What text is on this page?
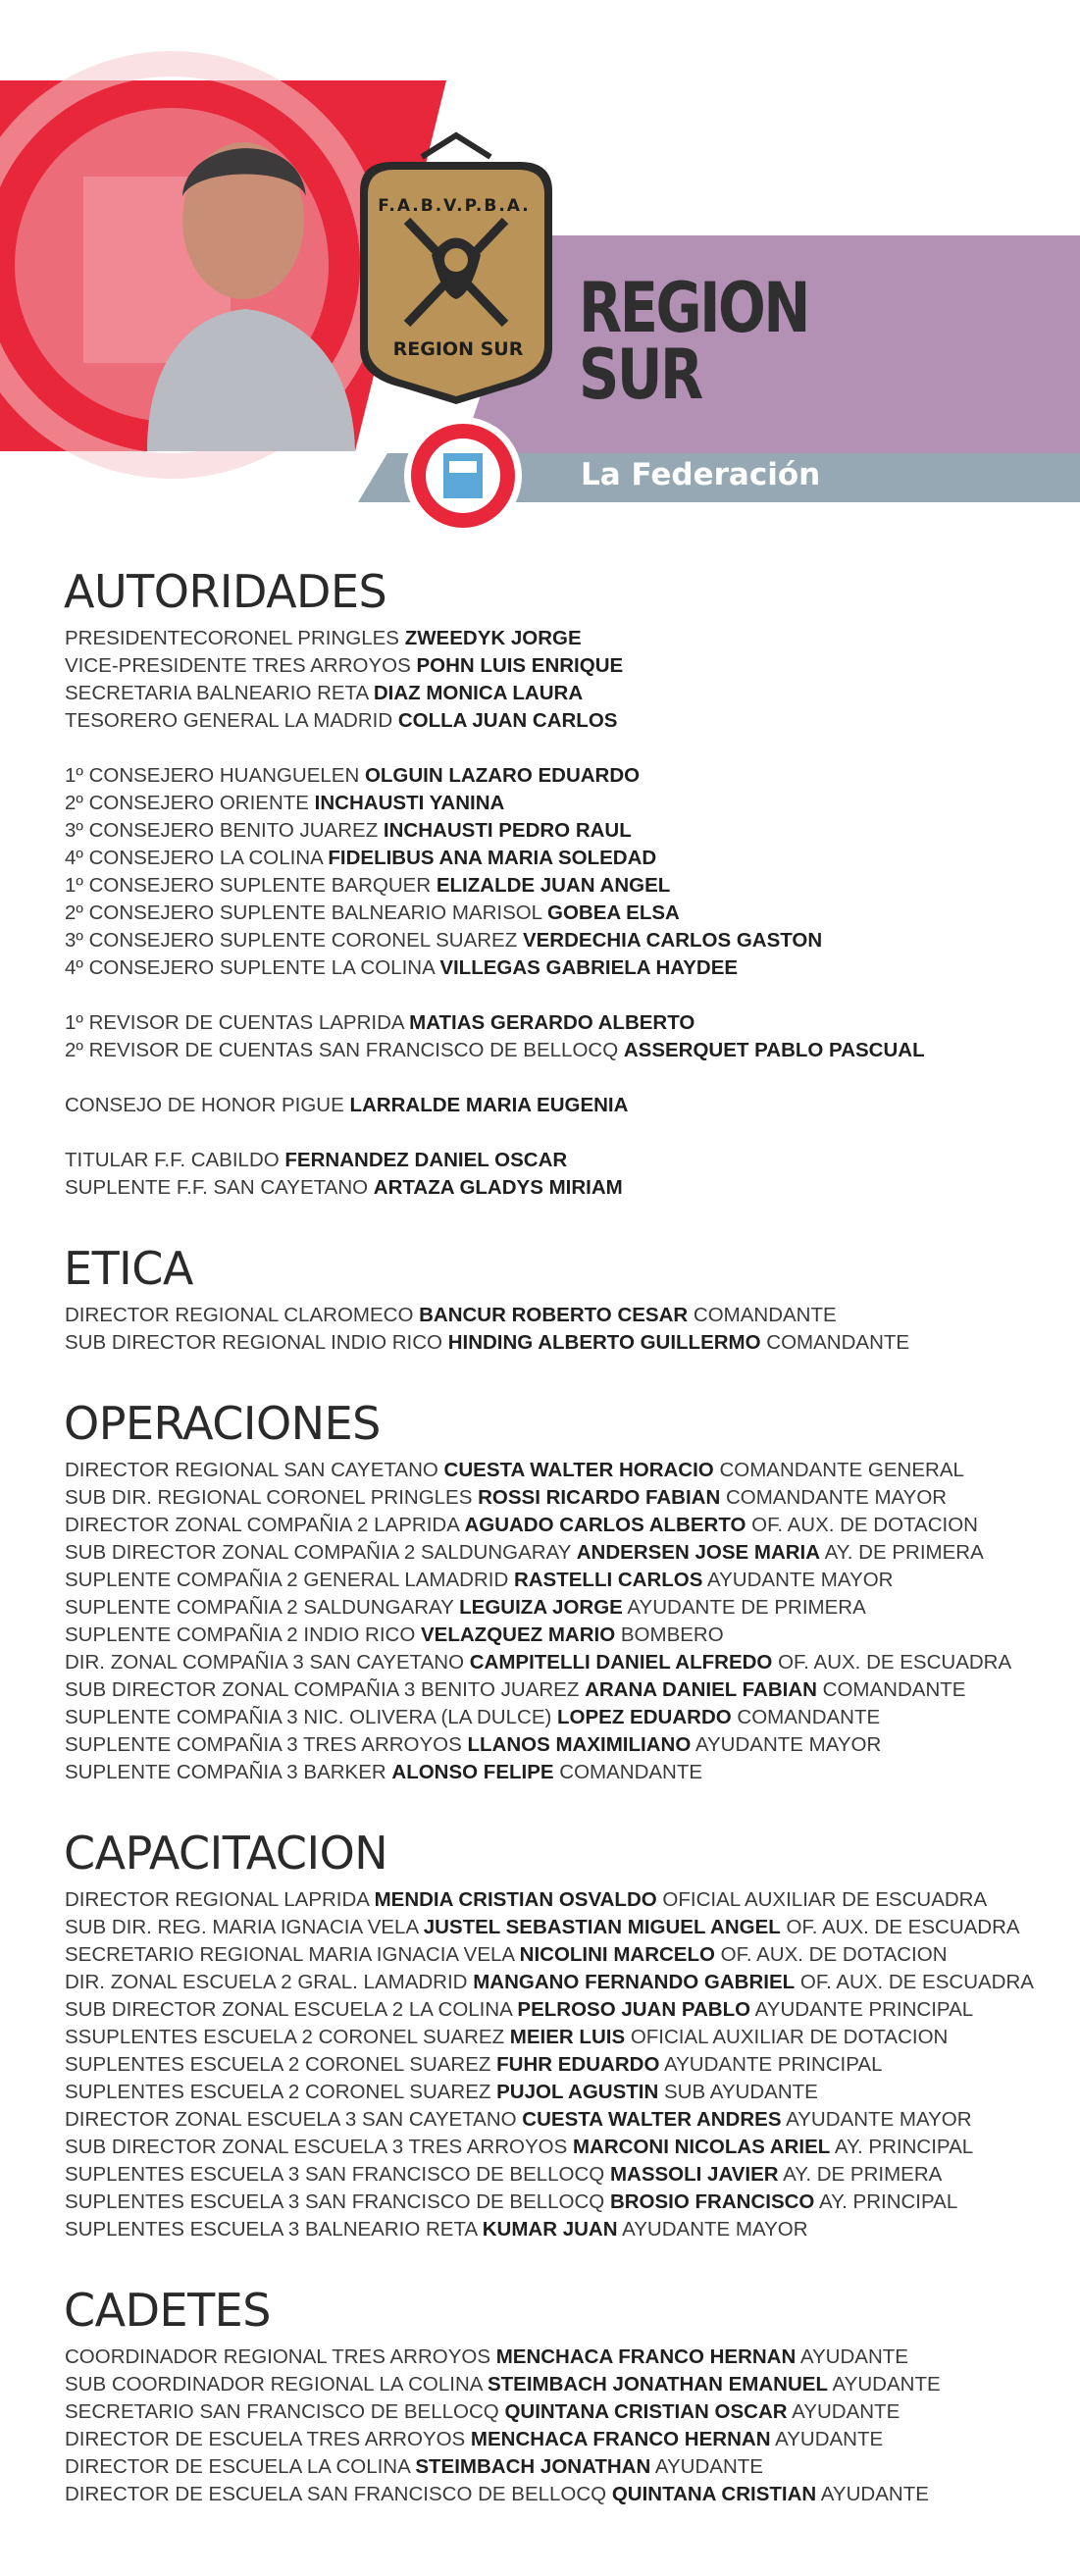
F.A.B.V.P.B.A.
REGION SUR
REGION
SUR
La Federación
AUTORIDADES
PRESIDENTECORONEL PRINGLES ZWEEDYK JORGE
VICE-PRESIDENTE TRES ARROYOS POHN LUIS ENRIQUE
SECRETARIA BALNEARIO RETA DIAZ MONICA LAURA
TESORERO GENERAL LA MADRID COLLA JUAN CARLOS
1º CONSEJERO HUANGUELEN OLGUIN LAZARO EDUARDO
2º CONSEJERO ORIENTE INCHAUSTI YANINA
3º CONSEJERO BENITO JUAREZ INCHAUSTI PEDRO RAUL
4º CONSEJERO LA COLINA FIDELIBUS ANA MARIA SOLEDAD
1º CONSEJERO SUPLENTE BARQUER ELIZALDE JUAN ANGEL
2º CONSEJERO SUPLENTE BALNEARIO MARISOL GOBEA ELSA
3º CONSEJERO SUPLENTE CORONEL SUAREZ VERDECHIA CARLOS GASTON
4º CONSEJERO SUPLENTE LA COLINA VILLEGAS GABRIELA HAYDEE
1º REVISOR DE CUENTAS LAPRIDA MATIAS GERARDO ALBERTO
2º REVISOR DE CUENTAS SAN FRANCISCO DE BELLOCQ ASSERQUET PABLO PASCUAL
CONSEJO DE HONOR PIGUE LARRALDE MARIA EUGENIA
TITULAR F.F. CABILDO FERNANDEZ DANIEL OSCAR
SUPLENTE F.F. SAN CAYETANO ARTAZA GLADYS MIRIAM
ETICA
DIRECTOR REGIONAL CLAROMECO BANCUR ROBERTO CESAR COMANDANTE
SUB DIRECTOR REGIONAL INDIO RICO HINDING ALBERTO GUILLERMO COMANDANTE
OPERACIONES
DIRECTOR REGIONAL SAN CAYETANO CUESTA WALTER HORACIO COMANDANTE GENERAL
SUB DIR. REGIONAL CORONEL PRINGLES ROSSI RICARDO FABIAN COMANDANTE MAYOR
DIRECTOR ZONAL COMPAÑIA 2 LAPRIDA AGUADO CARLOS ALBERTO OF. AUX. DE DOTACION
SUB DIRECTOR ZONAL COMPAÑIA 2 SALDUNGARAY ANDERSEN JOSE MARIA AY. DE PRIMERA
SUPLENTE COMPAÑIA 2 GENERAL LAMADRID RASTELLI CARLOS AYUDANTE MAYOR
SUPLENTE COMPAÑIA 2 SALDUNGARAY LEGUIZA JORGE AYUDANTE DE PRIMERA
SUPLENTE COMPAÑIA 2 INDIO RICO VELAZQUEZ MARIO BOMBERO
DIR. ZONAL COMPAÑIA 3 SAN CAYETANO CAMPITELLI DANIEL ALFREDO OF. AUX. DE ESCUADRA
SUB DIRECTOR ZONAL COMPAÑIA 3 BENITO JUAREZ ARANA DANIEL FABIAN COMANDANTE
SUPLENTE COMPAÑIA 3 NIC. OLIVERA (LA DULCE) LOPEZ EDUARDO COMANDANTE
SUPLENTE COMPAÑIA 3 TRES ARROYOS LLANOS MAXIMILIANO AYUDANTE MAYOR
SUPLENTE COMPAÑIA 3 BARKER ALONSO FELIPE COMANDANTE
CAPACITACION
DIRECTOR REGIONAL LAPRIDA MENDIA CRISTIAN OSVALDO OFICIAL AUXILIAR DE ESCUADRA
SUB DIR. REG. MARIA IGNACIA VELA JUSTEL SEBASTIAN MIGUEL ANGEL OF. AUX. DE ESCUADRA
SECRETARIO REGIONAL MARIA IGNACIA VELA NICOLINI MARCELO OF. AUX. DE DOTACION
DIR. ZONAL ESCUELA 2 GRAL. LAMADRID MANGANO FERNANDO GABRIEL OF. AUX. DE ESCUADRA
SUB DIRECTOR ZONAL ESCUELA 2 LA COLINA PELROSO JUAN PABLO AYUDANTE PRINCIPAL
SSUPLENTES ESCUELA 2 CORONEL SUAREZ MEIER LUIS OFICIAL AUXILIAR DE DOTACION
SUPLENTES ESCUELA 2 CORONEL SUAREZ FUHR EDUARDO AYUDANTE PRINCIPAL
SUPLENTES ESCUELA 2 CORONEL SUAREZ PUJOL AGUSTIN SUB AYUDANTE
DIRECTOR ZONAL ESCUELA 3 SAN CAYETANO CUESTA WALTER ANDRES AYUDANTE MAYOR
SUB DIRECTOR ZONAL ESCUELA 3 TRES ARROYOS MARCONI NICOLAS ARIEL AY. PRINCIPAL
SUPLENTES ESCUELA 3 SAN FRANCISCO DE BELLOCQ MASSOLI JAVIER AY. DE PRIMERA
SUPLENTES ESCUELA 3 SAN FRANCISCO DE BELLOCQ BROSIO FRANCISCO AY. PRINCIPAL
SUPLENTES ESCUELA 3 BALNEARIO RETA KUMAR JUAN AYUDANTE MAYOR
CADETES
COORDINADOR REGIONAL TRES ARROYOS MENCHACA FRANCO HERNAN AYUDANTE
SUB COORDINADOR REGIONAL LA COLINA STEIMBACH JONATHAN EMANUEL AYUDANTE
SECRETARIO SAN FRANCISCO DE BELLOCQ QUINTANA CRISTIAN OSCAR AYUDANTE
DIRECTOR DE ESCUELA TRES ARROYOS MENCHACA FRANCO HERNAN AYUDANTE
DIRECTOR DE ESCUELA LA COLINA STEIMBACH JONATHAN AYUDANTE
DIRECTOR DE ESCUELA SAN FRANCISCO DE BELLOCQ QUINTANA CRISTIAN AYUDANTE
